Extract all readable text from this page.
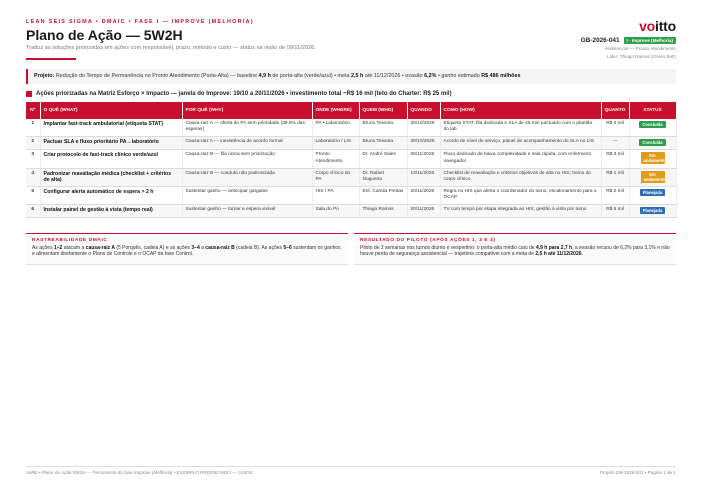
LEAN SEIS SIGMA • DMAIC • FASE I — IMPROVE (MELHORIA)
Plano de Ação — 5W2H
Traduz as soluções priorizadas em ações com responsável, prazo, método e custo — status na visão de 09/11/2026.
voitto
GB-2026-041	I · Improve (Melhoria)
Assistencial — Pronto Atendimento
Líder: Thiago Ramos (Green Belt)
Projeto: Redução do Tempo de Permanência no Pronto Atendimento (Porta-Alta) — baseline 4,9 h de porta-alta (verde/azul) • meta 2,5 h até 11/12/2026 • evasão 6,2% • ganho estimado R$ 486 milhões
Ações priorizadas na Matriz Esforço × Impacto — janela do Improve: 19/10 a 20/11/2026 • investimento total ~R$ 16 mil (teto do Charter: R$ 25 mil)
Nº	O QUÊ (WHAT)	POR QUÊ (WHY)	ONDE (WHERE)	QUEM (WHO)	QUANDO	COMO (HOW)	QUANTO	STATUS
1	Implantar fast-track ambulatorial (etiqueta STAT)	Causa-raiz A — oferta do PA sem prioridade (39,6% das esperas)	PA • Laboratório	Bruno Teixeira	30/10/2026	Etiqueta STAT, fila dedicada e SLA de 45 min pactuado com o plantão do lab	R$ 4 mil	Concluída
2	Pactuar SLA e fluxo prioritário PA↔laboratório	Causa-raiz A — inexistência de acordo formal	Laboratório / LIS	Bruno Teixeira	30/10/2026	Acordo de nível de serviço, painel de acompanhamento do SLA no LIS	—	Concluída
3	Criar protocolo de fast-track clínico verde/azul	Causa-raiz B — fila única sem priorização	Pronto Atendimento	Dr. André Sales	06/11/2026	Fluxo dedicado de baixa complexidade e sala rápida, com enfermeiro navegador	R$ 3 mil	Em andamento
4	Padronizar reavaliação médica (checklist + critérios de alta)	Causa-raiz B — conduta não padronizada	Corpo clínico do PA	Dr. Rafael Nogueira	13/11/2026	Checklist de reavaliação e critérios objetivos de alta no HIS; treino do corpo clínico	R$ 1 mil	Em andamento
5	Configurar alerta automático de espera > 2 h	Sustentar ganho — antecipar gargalos	HIS / PA	Enf. Camila Freitas	20/11/2026	Regra no HIS que alerta o coordenador do turno; escalonamento para o OCAP	R$ 2 mil	Planejada
6	Instalar painel de gestão à vista (tempo real)	Sustentar ganho — tornar a espera visível	Sala do PA	Thiago Ramos	20/11/2026	TV com tempo por etapa integrada ao HIS; gestão à vista por turno	R$ 6 mil	Planejada
RASTREABILIDADE DMAIC
As ações 1–2 atacam a causa-raiz A (5 Porquês, cadeia A) e as ações 3–4 a causa-raiz B (cadeia B). As ações 5–6 sustentam os ganhos e alimentam diretamente o Plano de Controle e o OCAP da fase Control.
RESULTADO DO PILOTO (APÓS AÇÕES 1, 3 E 4)
Piloto de 2 semanas nos turnos diurno e vespertino: o porta-alta médio caiu de 4,9 h para 2,7 h, a evasão recuou de 6,2% para 3,1% e não houve perda de segurança assistencial — trajetória compatível com a meta de 2,5 h até 11/12/2026.
Voitto • Plano de Ação 5W2H — Ferramenta da fase Improve (Melhoria) • EXEMPLO PREENCHIDO — GUIDE	Projeto GB-2026-041 • Página 1 de 1
